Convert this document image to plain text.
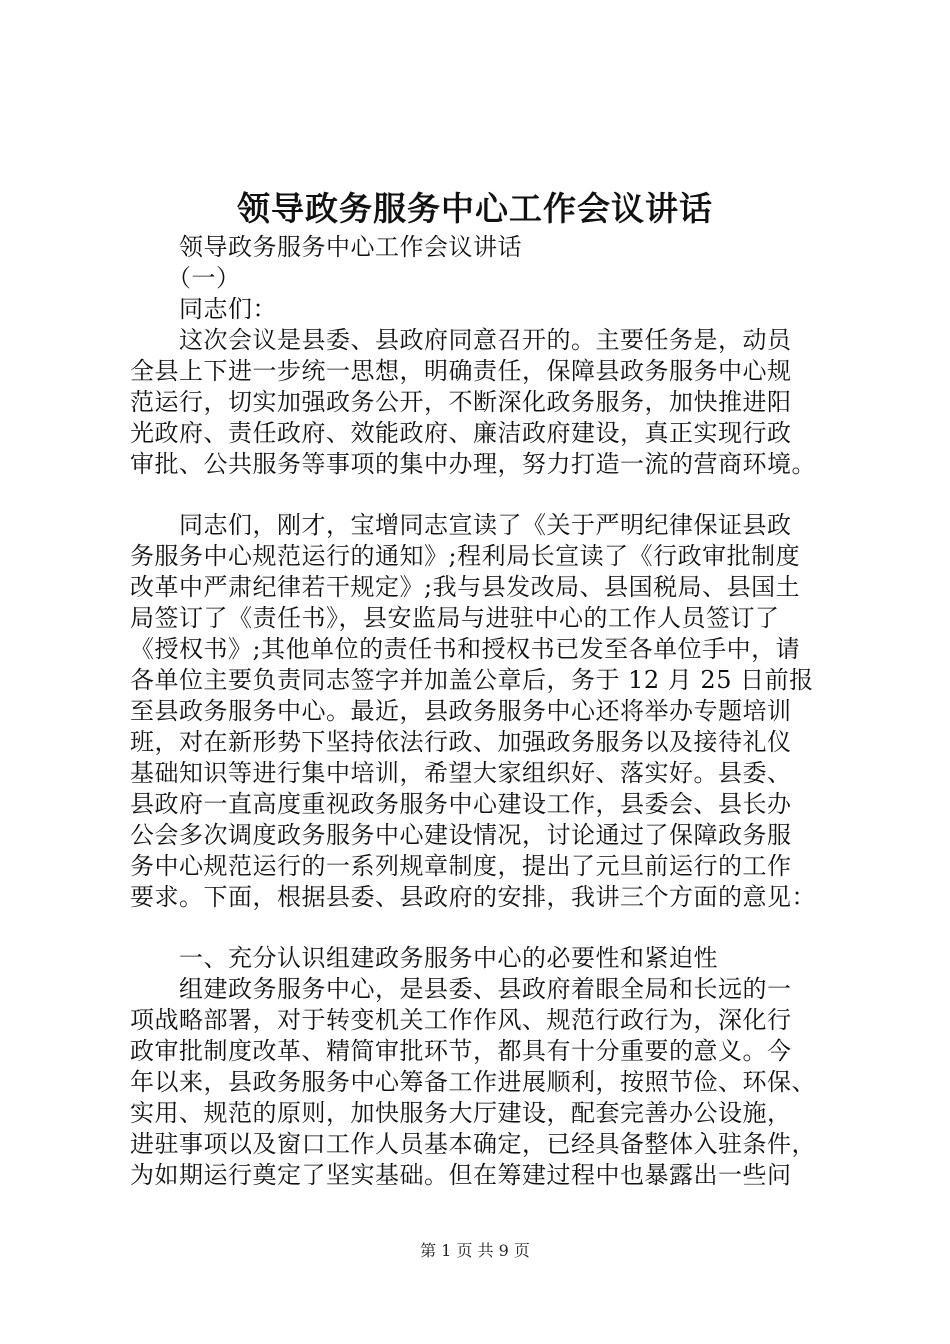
领导政务服务中心工作会议讲话
　　领导政务服务中心工作会议讲话
　　（一）
　　同志们：
　　这次会议是县委、县政府同意召开的。主要任务是，动员
全县上下进一步统一思想，明确责任，保障县政务服务中心规
范运行，切实加强政务公开，不断深化政务服务，加快推进阳
光政府、责任政府、效能政府、廉洁政府建设，真正实现行政
审批、公共服务等事项的集中办理，努力打造一流的营商环境。
　　同志们，刚才，宝增同志宣读了《关于严明纪律保证县政
务服务中心规范运行的通知》;程利局长宣读了《行政审批制度
改革中严肃纪律若干规定》;我与县发改局、县国税局、县国土
局签订了《责任书》，县安监局与进驻中心的工作人员签订了
《授权书》;其他单位的责任书和授权书已发至各单位手中，请
各单位主要负责同志签字并加盖公章后，务于 12 月 25 日前报
至县政务服务中心。最近，县政务服务中心还将举办专题培训
班，对在新形势下坚持依法行政、加强政务服务以及接待礼仪
基础知识等进行集中培训，希望大家组织好、落实好。县委、
县政府一直高度重视政务服务中心建设工作，县委会、县长办
公会多次调度政务服务中心建设情况，讨论通过了保障政务服
务中心规范运行的一系列规章制度，提出了元旦前运行的工作
要求。下面，根据县委、县政府的安排，我讲三个方面的意见：
　　一、充分认识组建政务服务中心的必要性和紧迫性
　　组建政务服务中心，是县委、县政府着眼全局和长远的一
项战略部署，对于转变机关工作作风、规范行政行为，深化行
政审批制度改革、精简审批环节，都具有十分重要的意义。今
年以来，县政务服务中心筹备工作进展顺利，按照节俭、环保、
实用、规范的原则，加快服务大厅建设，配套完善办公设施，
进驻事项以及窗口工作人员基本确定，已经具备整体入驻条件，
为如期运行奠定了坚实基础。但在筹建过程中也暴露出一些问
第 1 页 共 9 页
